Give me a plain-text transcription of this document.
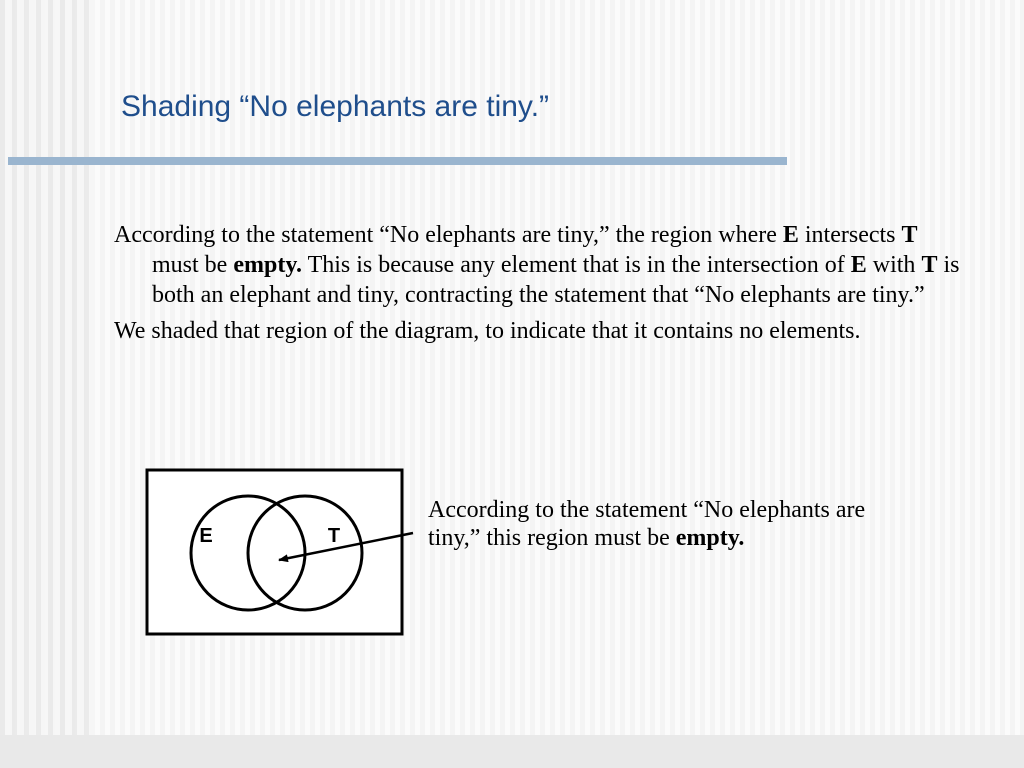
Shading “No elephants are tiny.”

According to the statement “No elephants are tiny,” the region where E intersects T must be empty. This is because any element that is in the intersection of E with T is both an elephant and tiny, contracting the statement that “No elephants are tiny.”

We shaded that region of the diagram, to indicate that it contains no elements.

E	T
According to the statement “No elephants are tiny,” this region must be empty.
